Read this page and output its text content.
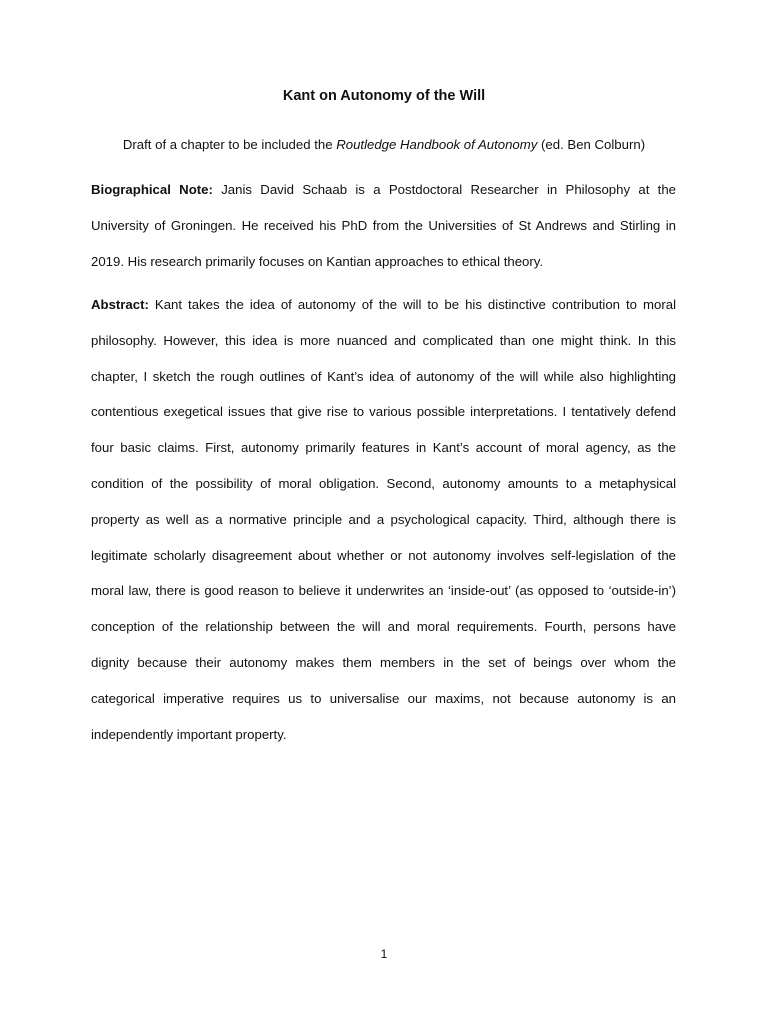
Kant on Autonomy of the Will
Draft of a chapter to be included the Routledge Handbook of Autonomy (ed. Ben Colburn)
Biographical Note: Janis David Schaab is a Postdoctoral Researcher in Philosophy at the University of Groningen. He received his PhD from the Universities of St Andrews and Stirling in 2019. His research primarily focuses on Kantian approaches to ethical theory.
Abstract: Kant takes the idea of autonomy of the will to be his distinctive contribution to moral philosophy. However, this idea is more nuanced and complicated than one might think. In this chapter, I sketch the rough outlines of Kant’s idea of autonomy of the will while also highlighting contentious exegetical issues that give rise to various possible interpretations. I tentatively defend four basic claims. First, autonomy primarily features in Kant’s account of moral agency, as the condition of the possibility of moral obligation. Second, autonomy amounts to a metaphysical property as well as a normative principle and a psychological capacity. Third, although there is legitimate scholarly disagreement about whether or not autonomy involves self-legislation of the moral law, there is good reason to believe it underwrites an ‘inside-out’ (as opposed to ‘outside-in’) conception of the relationship between the will and moral requirements. Fourth, persons have dignity because their autonomy makes them members in the set of beings over whom the categorical imperative requires us to universalise our maxims, not because autonomy is an independently important property.
1
